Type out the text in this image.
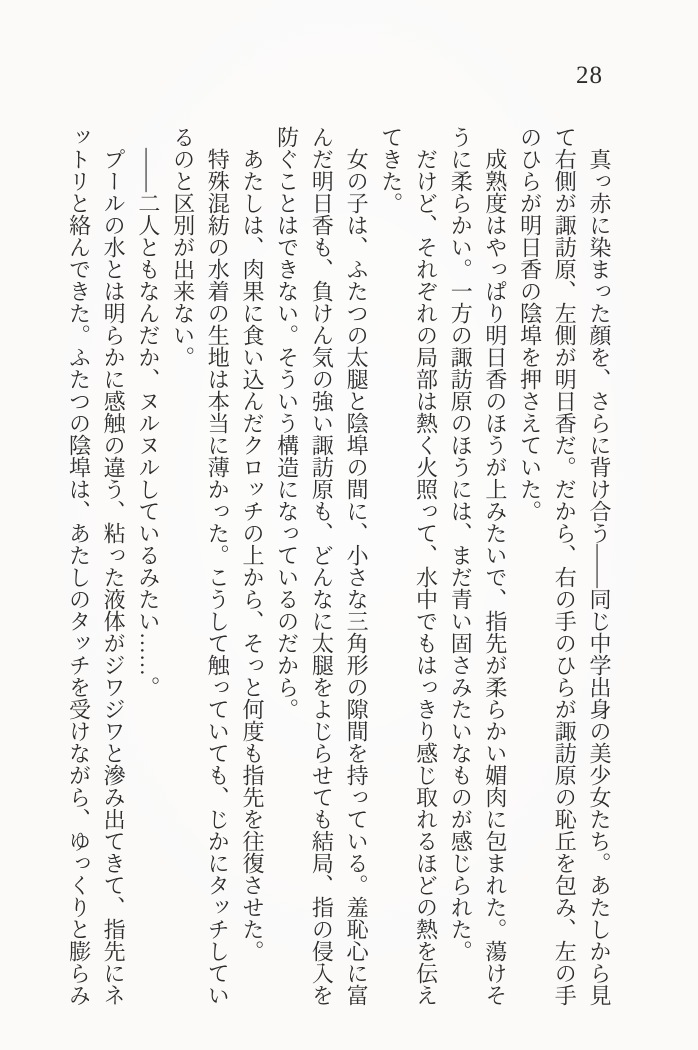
28

真っ赤に染まった顔を、さらに背け合う――同じ中学出身の美少女たち。あたしから見て右側が諏訪原、左側が明日香だ。だから、右の手のひらが諏訪原の恥丘を包み、左の手のひらが明日香の陰埠を押さえていた。

成熟度はやっぱり明日香のほうが上みたいで、指先が柔らかい媚肉に包まれた。蕩けそうに柔らかい。一方の諏訪原のほうには、まだ青い固さみたいなものが感じられた。

だけど、それぞれの局部は熱く火照って、水中でもはっきり感じ取れるほどの熱を伝えてきた。

女の子は、ふたつの太腿と陰埠の間に、小さな三角形の隙間を持っている。羞恥心に富んだ明日香も、負けん気の強い諏訪原も、どんなに太腿をよじらせても結局、指の侵入を防ぐことはできない。そういう構造になっているのだから。

あたしは、肉果に食い込んだクロッチの上から、そっと何度も指先を往復させた。

特殊混紡の水着の生地は本当に薄かった。こうして触っていても、じかにタッチしているのと区別が出来ない。

――二人ともなんだか、ヌルヌルしているみたい……。

プールの水とは明らかに感触の違う、粘った液体がジワジワと滲み出てきて、指先にネットリと絡んできた。ふたつの陰埠は、あたしのタッチを受けながら、ゆっくりと膨らみ
